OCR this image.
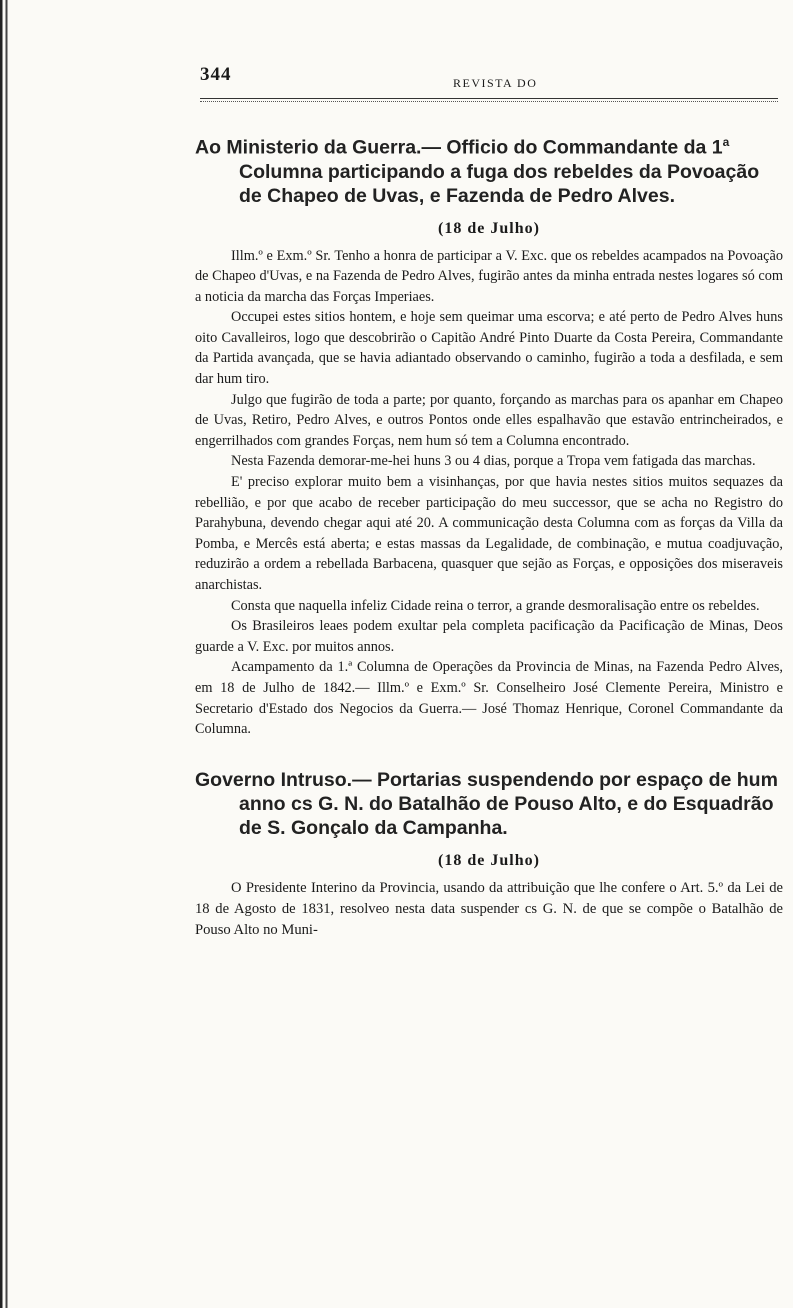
344	REVISTA DO
Ao Ministerio da Guerra.— Officio do Commandante da 1$^a$ Columna participando a fuga dos rebeldes da Povoação de Chapeo de Uvas, e Fazenda de Pedro Alves.
(18 de Julho)

Illm.º e Exm.º Sr. Tenho a honra de participar a V. Exc. que os rebeldes acampados na Povoação de Chapeo d'Uvas, e na Fazenda de Pedro Alves, fugirão antes da minha entrada nestes logares só com a noticia da marcha das Forças Imperiaes.

Occupei estes sitios hontem, e hoje sem queimar uma escorva; e até perto de Pedro Alves huns oito Cavalleiros, logo que descobrirão o Capitão André Pinto Duarte da Costa Pereira, Commandante da Partida avançada, que se havia adiantado observando o caminho, fugirão a toda a desfilada, e sem dar hum tiro.

Julgo que fugirão de toda a parte; por quanto, forçando as marchas para os apanhar em Chapeo de Uvas, Retiro, Pedro Alves, e outros Pontos onde elles espalhavão que estavão entrincheirados, e engerrilhados com grandes Forças, nem hum só tem a Columna encontrado.

Nesta Fazenda demorar-me-hei huns 3 ou 4 dias, porque a Tropa vem fatigada das marchas.

E' preciso explorar muito bem a visinhanças, por que havia nestes sitios muitos sequazes da rebellião, e por que acabo de receber participação do meu successor, que se acha no Registro do Parahybuna, devendo chegar aqui até 20. A communicação desta Columna com as forças da Villa da Pomba, e Mercês está aberta; e estas massas da Legalidade, de combinação, e mutua coadjuvação, reduzirão a ordem a rebellada Barbacena, quasquer que sejão as Forças, e opposições dos miseraveis anarchistas.

Consta que naquella infeliz Cidade reina o terror, a grande desmoralisação entre os rebeldes.

Os Brasileiros leaes podem exultar pela completa pacificação da Pacificação de Minas, Deos guarde a V. Exc. por muitos annos.

Acampamento da 1.ª Columna de Operações da Provincia de Minas, na Fazenda Pedro Alves, em 18 de Julho de 1842.— Illm.º e Exm.º Sr. Conselheiro José Clemente Pereira, Ministro e Secretario d'Estado dos Negocios da Guerra.— José Thomaz Henrique, Coronel Commandante da Columna.

Governo Intruso.— Portarias suspendendo por espaço de hum anno cs G. N. do Batalhão de Pouso Alto, e do Esquadrão de S. Gonçalo da Campanha.
(18 de Julho)

O Presidente Interino da Provincia, usando da attribuição que lhe confere o Art. 5.º da Lei de 18 de Agosto de 1831, resolveo nesta data suspender cs G. N. de que se compõe o Batalhão de Pouso Alto no Muni-
